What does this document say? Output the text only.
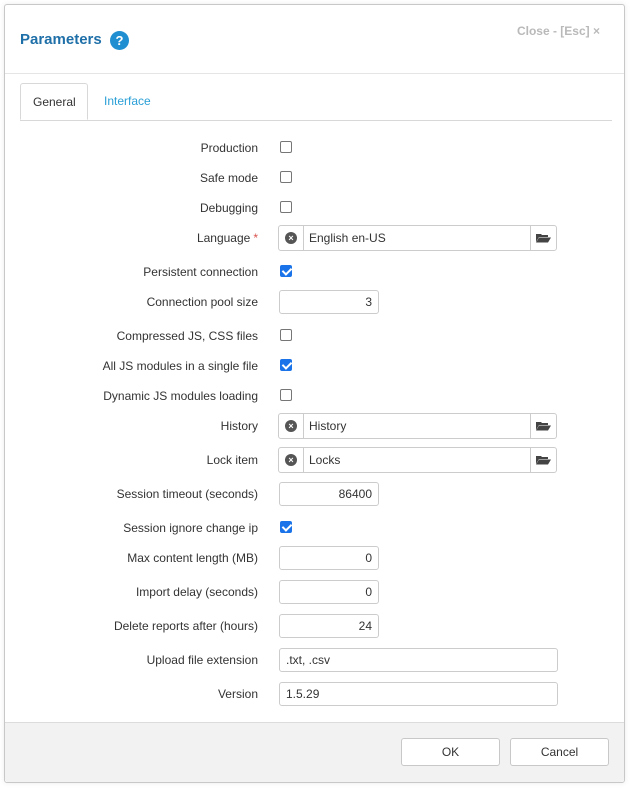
Parameters	?
Close - [Esc] ×
General	Interface
Production
Safe mode
Debugging
Language *	× English en-US
Persistent connection
Connection pool size	3
Compressed JS, CSS files
All JS modules in a single file
Dynamic JS modules loading
History	× History
Lock item	× Locks
Session timeout (seconds)	86400
Session ignore change ip
Max content length (MB)	0
Import delay (seconds)	0
Delete reports after (hours)	24
Upload file extension	.txt, .csv
Version	1.5.29
OK	Cancel
